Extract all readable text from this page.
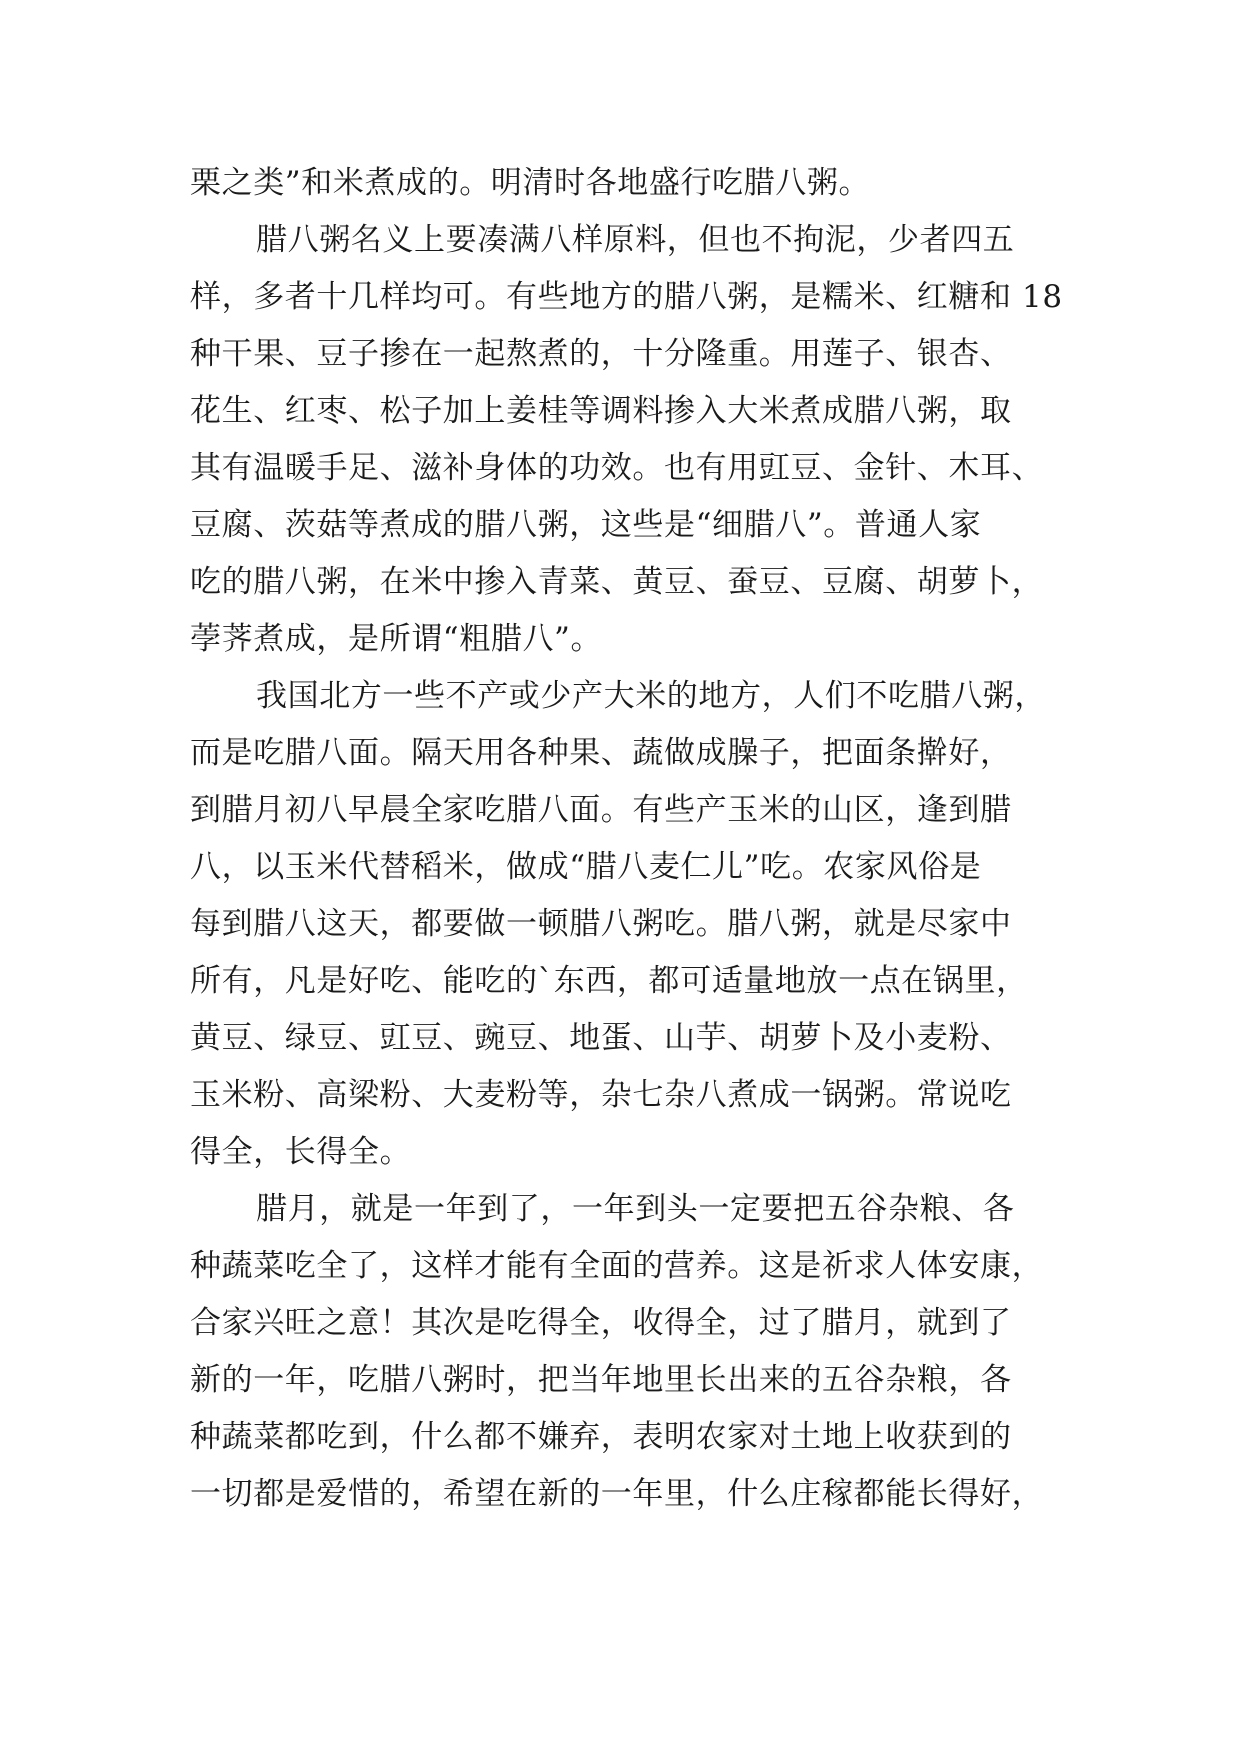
栗之类”和米煮成的。明清时各地盛行吃腊八粥。
腊八粥名义上要凑满八样原料，但也不拘泥，少者四五
样，多者十几样均可。有些地方的腊八粥，是糯米、红糖和 18
种干果、豆子掺在一起熬煮的，十分隆重。用莲子、银杏、
花生、红枣、松子加上姜桂等调料掺入大米煮成腊八粥，取
其有温暖手足、滋补身体的功效。也有用豇豆、金针、木耳、
豆腐、茨菇等煮成的腊八粥，这些是“细腊八”。普通人家
吃的腊八粥，在米中掺入青菜、黄豆、蚕豆、豆腐、胡萝卜，
荸荠煮成，是所谓“粗腊八”。
我国北方一些不产或少产大米的地方，人们不吃腊八粥，
而是吃腊八面。隔天用各种果、蔬做成臊子，把面条擀好，
到腊月初八早晨全家吃腊八面。有些产玉米的山区，逢到腊
八，以玉米代替稻米，做成“腊八麦仁儿”吃。农家风俗是
每到腊八这天，都要做一顿腊八粥吃。腊八粥，就是尽家中
所有，凡是好吃、能吃的`东西，都可适量地放一点在锅里，
黄豆、绿豆、豇豆、豌豆、地蛋、山芋、胡萝卜及小麦粉、
玉米粉、高梁粉、大麦粉等，杂七杂八煮成一锅粥。常说吃
得全，长得全。
腊月，就是一年到了，一年到头一定要把五谷杂粮、各
种蔬菜吃全了，这样才能有全面的营养。这是祈求人体安康，
合家兴旺之意！其次是吃得全，收得全，过了腊月，就到了
新的一年，吃腊八粥时，把当年地里长出来的五谷杂粮，各
种蔬菜都吃到，什么都不嫌弃，表明农家对土地上收获到的
一切都是爱惜的，希望在新的一年里，什么庄稼都能长得好，
